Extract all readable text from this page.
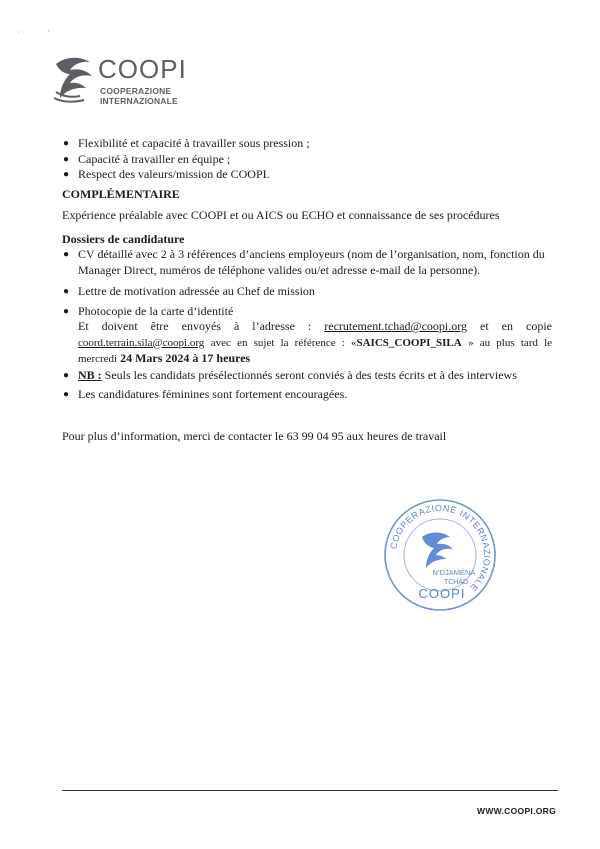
· ·	,
COOPI
COOPERAZIONE
INTERNAZIONALE
● Flexibilité et capacité à travailler sous pression ;
● Capacité à travailler en équipe ;
● Respect des valeurs/mission de COOPI.
COMPLÉMENTAIRE
Expérience préalable avec COOPI et ou AICS ou ECHO et connaissance de ses procédures
Dossiers de candidature
● CV détaillé avec 2 à 3 références d’anciens employeurs (nom de l’organisation, nom, fonction du Manager Direct, numéros de téléphone valides ou/et adresse e-mail de la personne).
● Lettre de motivation adressée au Chef de mission
● Photocopie de la carte d’identité
Et doivent être envoyés à l’adresse : recrutement.tchad@coopi.org et en copie coord.terrain.sila@coopi.org avec en sujet la référence : «SAICS_COOPI_SILA » au plus tard le mercredi 24 Mars 2024 à 17 heures
● NB : Seuls les candidats présélectionnés seront conviés à des tests écrits et à des interviews
● Les candidatures féminines sont fortement encouragées.
Pour plus d’information, merci de contacter le 63 99 04 95 aux heures de travail
COOPERAZIONE INTERNAZIONALE
N’DJAMÉNA
TCHAD
COOPI
WWW.COOPI.ORG
